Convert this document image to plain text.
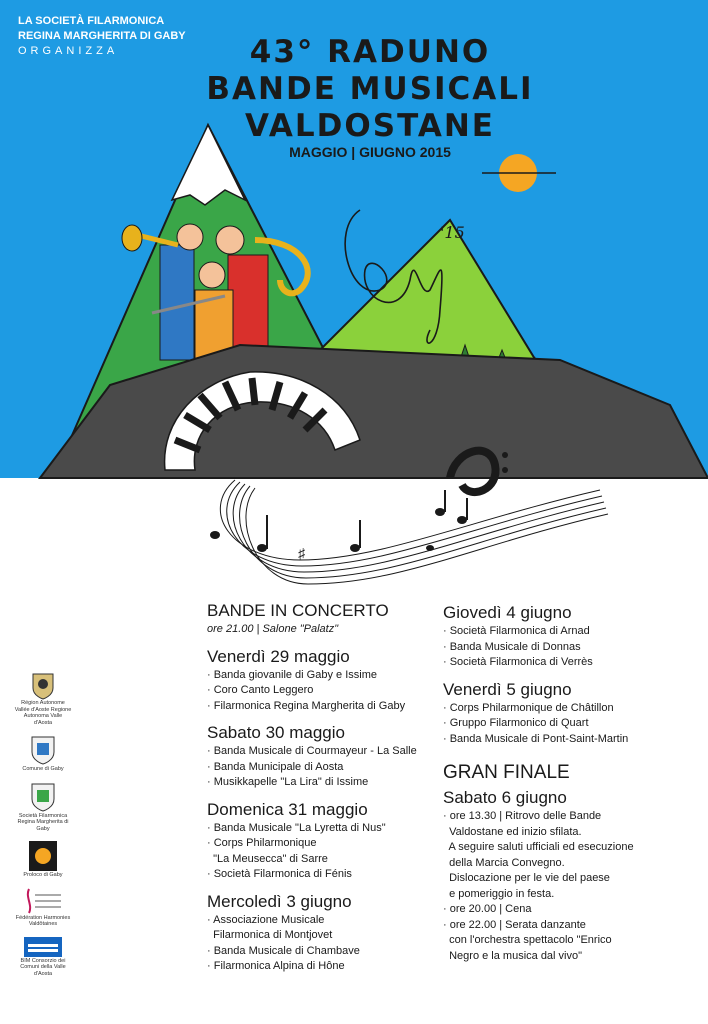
LA SOCIETÀ FILARMONICA
REGINA MARGHERITA DI GABY
ORGANIZZA	43° RADUNO
BANDE MUSICALI
VALDOSTANE
MAGGIO | GIUGNO 2015
'15
♯
BANDE IN CONCERTO
ore 21.00 | Salone "Palatz"
Venerdì 29 maggio
· Banda giovanile di Gaby e Issime
· Coro Canto Leggero
· Filarmonica Regina Margherita di Gaby
Sabato 30 maggio
· Banda Musicale di Courmayeur - La Salle
· Banda Municipale di Aosta
· Musikkapelle "La Lira" di Issime
Domenica 31 maggio
· Banda Musicale "La Lyretta di Nus"
· Corps Philarmonique
"La Meusecca" di Sarre
· Società Filarmonica di Fénis
Mercoledì 3 giugno
· Associazione Musicale
Filarmonica di Montjovet
· Banda Musicale di Chambave
· Filarmonica Alpina di Hône
Giovedì 4 giugno
· Società Filarmonica di Arnad
· Banda Musicale di Donnas
· Società Filarmonica di Verrès
Venerdì 5 giugno
· Corps Philarmonique de Châtillon
· Gruppo Filarmonico di Quart
· Banda Musicale di Pont-Saint-Martin
GRAN FINALE
Sabato 6 giugno
· ore 13.30 | Ritrovo delle Bande
Valdostane ed inizio sfilata.
A seguire saluti ufficiali ed esecuzione
della Marcia Convegno.
Dislocazione per le vie del paese
e pomeriggio in festa.
· ore 20.00 | Cena
· ore 22.00 | Serata danzante
con l'orchestra spettacolo "Enrico
Negro e la musica dal vivo"
Région Autonome Vallée d'Aoste Regione Autonoma Valle d'Aosta
Comune di Gaby
Società Filarmonica Regina Margherita di Gaby
Proloco di Gaby
Fédération Harmonies Valdôtaines
BIM Consorzio dei Comuni della Valle d'Aosta
